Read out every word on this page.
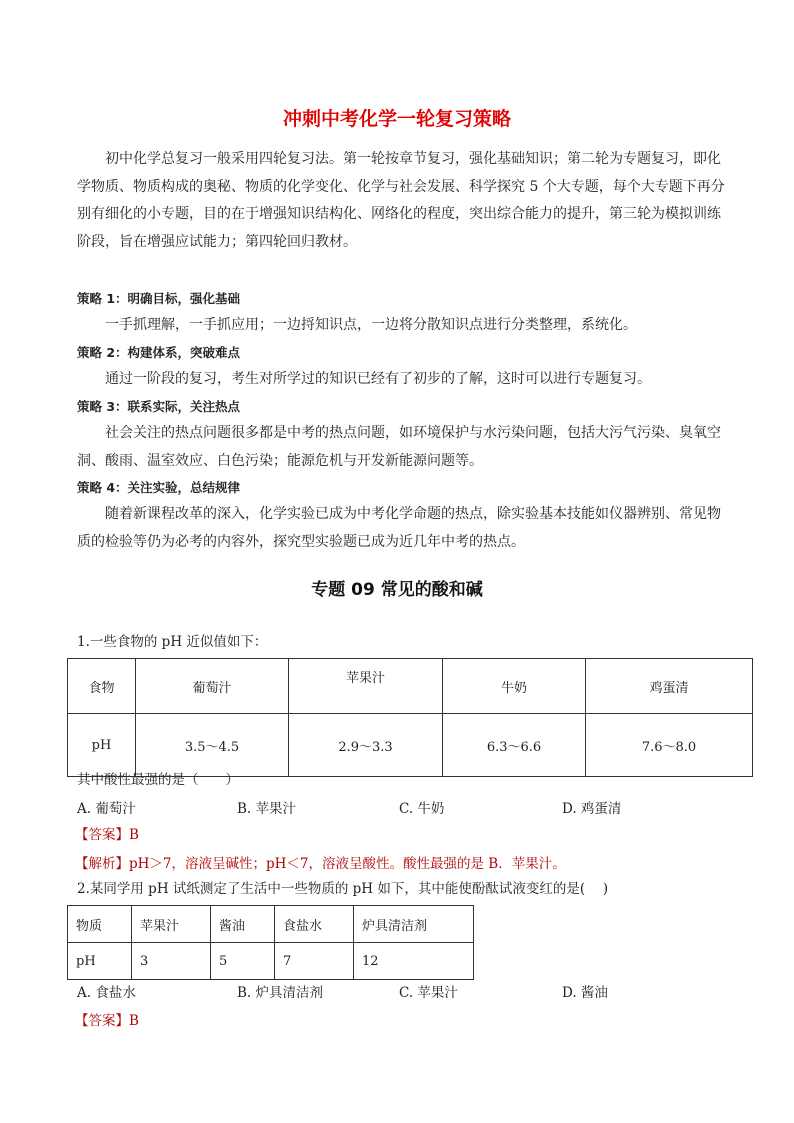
冲刺中考化学一轮复习策略

初中化学总复习一般采用四轮复习法。第一轮按章节复习，强化基础知识；第二轮为专题复习，即化学物质、物质构成的奥秘、物质的化学变化、化学与社会发展、科学探究 5 个大专题，每个大专题下再分别有细化的小专题，目的在于增强知识结构化、网络化的程度，突出综合能力的提升，第三轮为模拟训练阶段，旨在增强应试能力；第四轮回归教材。

策略 1：明确目标，强化基础
一手抓理解，一手抓应用；一边捋知识点，一边将分散知识点进行分类整理，系统化。
策略 2：构建体系，突破难点
通过一阶段的复习，考生对所学过的知识已经有了初步的了解，这时可以进行专题复习。
策略 3：联系实际，关注热点
社会关注的热点问题很多都是中考的热点问题，如环境保护与水污染问题，包括大污气污染、臭氧空洞、酸雨、温室效应、白色污染；能源危机与开发新能源问题等。
策略 4：关注实验，总结规律
随着新课程改革的深入，化学实验已成为中考化学命题的热点，除实验基本技能如仪器辨别、常见物质的检验等仍为必考的内容外，探究型实验题已成为近几年中考的热点。
专题 09 常见的酸和碱
1.一些食物的 pH 近似值如下：
食物	葡萄汁	苹果汁	牛奶	鸡蛋清
pH	3.5～4.5	2.9～3.3	6.3～6.6	7.6～8.0
其中酸性最强的是（　　）
A. 葡萄汁	B. 苹果汁	C. 牛奶	D. 鸡蛋清
【答案】B
【解析】pH＞7，溶液呈碱性；pH＜7，溶液呈酸性。酸性最强的是 B．苹果汁。
2.某同学用 pH 试纸测定了生活中一些物质的 pH 如下，其中能使酚酞试液变红的是(　 )
物质	苹果汁	酱油	食盐水	炉具清洁剂
pH	3	5	7	12
A. 食盐水	B. 炉具清洁剂	C. 苹果汁	D. 酱油
【答案】B
